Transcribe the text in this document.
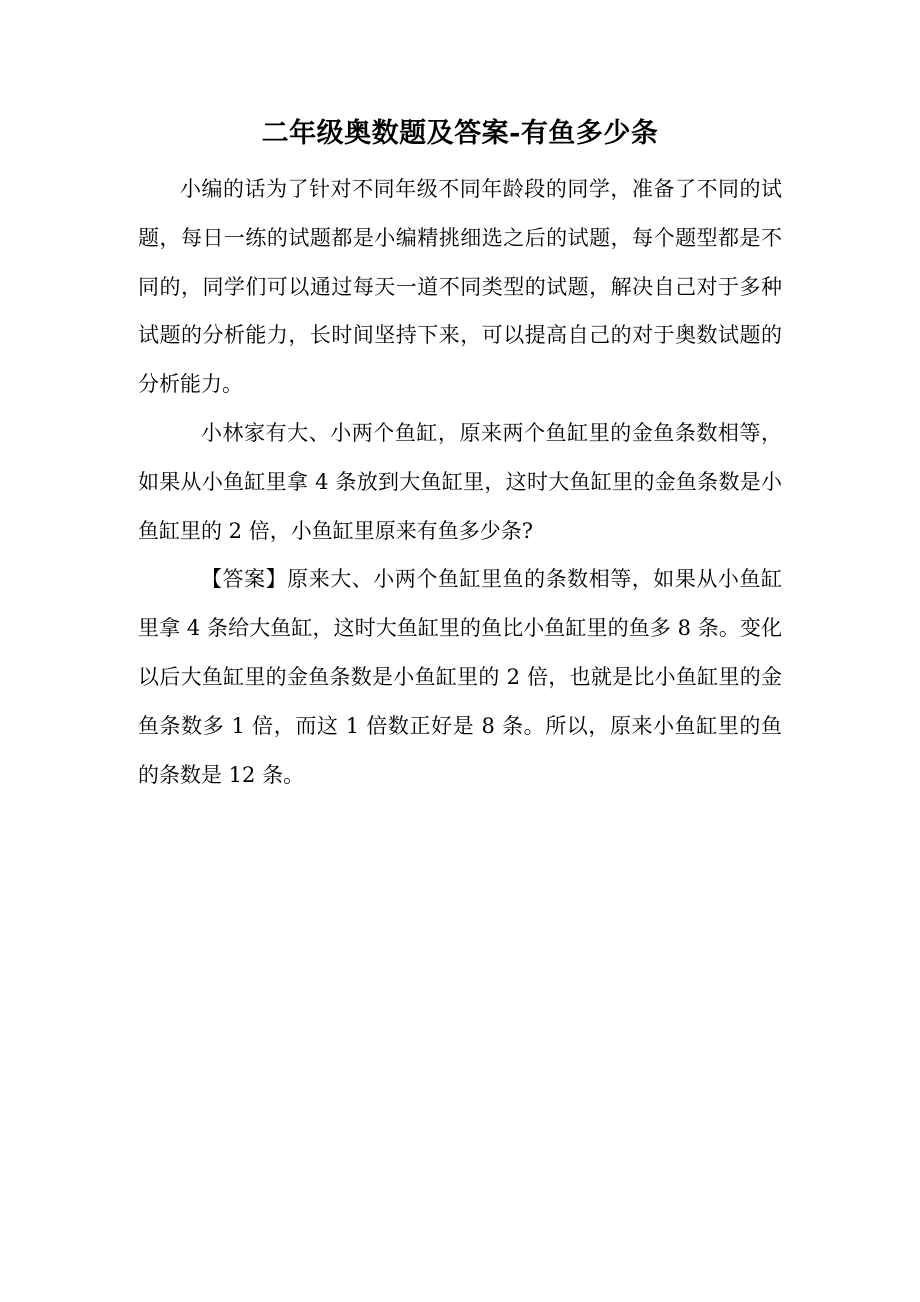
二年级奥数题及答案-有鱼多少条

小编的话为了针对不同年级不同年龄段的同学，准备了不同的试题，每日一练的试题都是小编精挑细选之后的试题，每个题型都是不同的，同学们可以通过每天一道不同类型的试题，解决自己对于多种试题的分析能力，长时间坚持下来，可以提高自己的对于奥数试题的分析能力。

小林家有大、小两个鱼缸，原来两个鱼缸里的金鱼条数相等，如果从小鱼缸里拿 4 条放到大鱼缸里，这时大鱼缸里的金鱼条数是小鱼缸里的 2 倍，小鱼缸里原来有鱼多少条?

【答案】原来大、小两个鱼缸里鱼的条数相等，如果从小鱼缸里拿 4 条给大鱼缸，这时大鱼缸里的鱼比小鱼缸里的鱼多 8 条。变化以后大鱼缸里的金鱼条数是小鱼缸里的 2 倍，也就是比小鱼缸里的金鱼条数多 1 倍，而这 1 倍数正好是 8 条。所以，原来小鱼缸里的鱼的条数是 12 条。
